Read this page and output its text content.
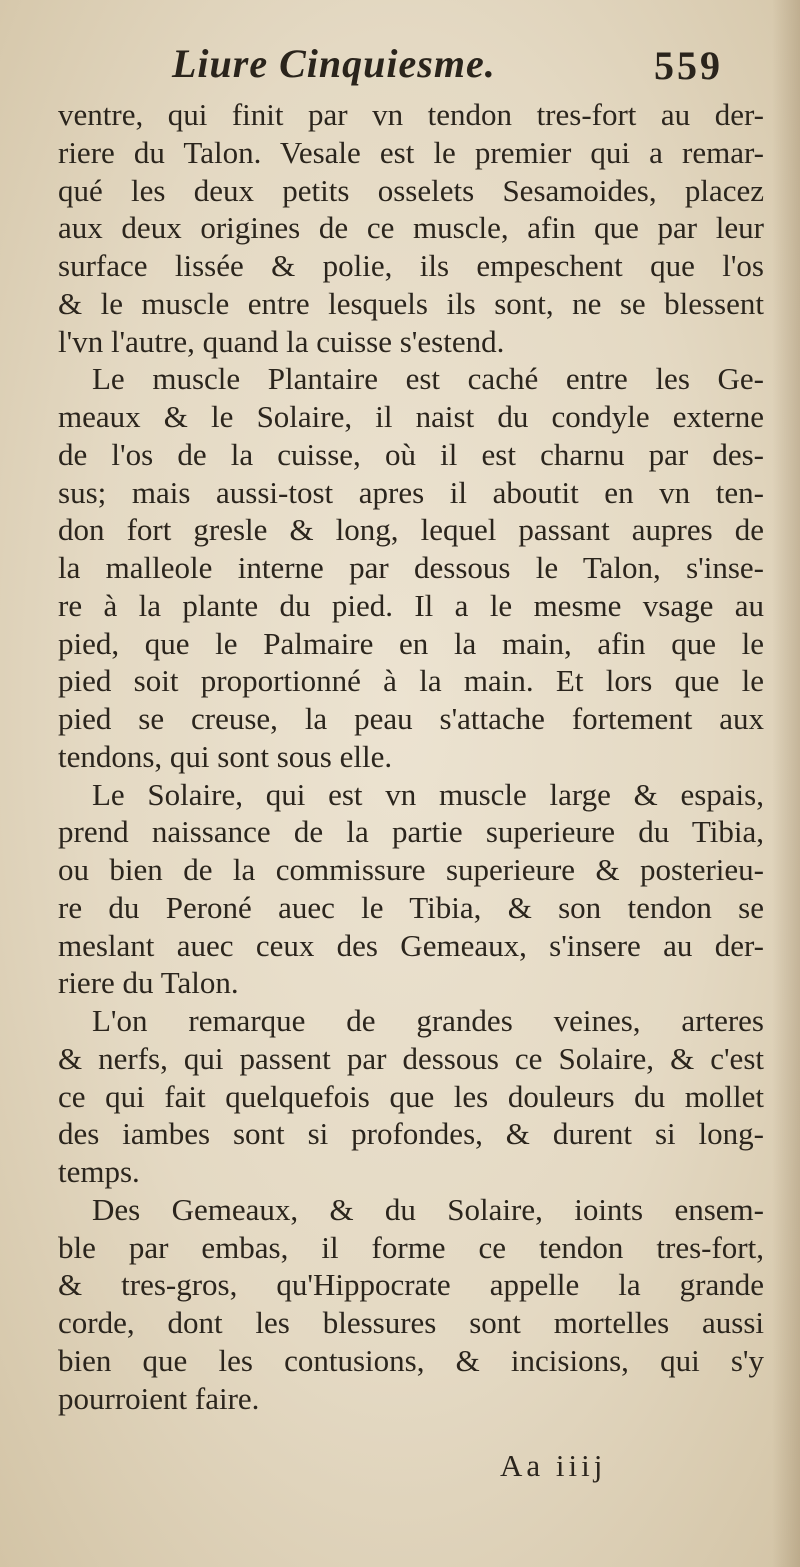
Liure Cinquiesme.	559
ventre, qui finit par vn tendon tres-fort au der-
riere du Talon. Vesale est le premier qui a remar-
qué les deux petits osselets Sesamoides, placez
aux deux origines de ce muscle, afin que par leur
surface lissée & polie, ils empeschent que l'os
& le muscle entre lesquels ils sont, ne se blessent
l'vn l'autre, quand la cuisse s'estend.
Le muscle Plantaire est caché entre les Ge-
meaux & le Solaire, il naist du condyle externe
de l'os de la cuisse, où il est charnu par des-
sus; mais aussi-tost apres il aboutit en vn ten-
don fort gresle & long, lequel passant aupres de
la malleole interne par dessous le Talon, s'inse-
re à la plante du pied. Il a le mesme vsage au
pied, que le Palmaire en la main, afin que le
pied soit proportionné à la main. Et lors que le
pied se creuse, la peau s'attache fortement aux
tendons, qui sont sous elle.
Le Solaire, qui est vn muscle large & espais,
prend naissance de la partie superieure du Tibia,
ou bien de la commissure superieure & posterieu-
re du Peroné auec le Tibia, & son tendon se
meslant auec ceux des Gemeaux, s'insere au der-
riere du Talon.
L'on remarque de grandes veines, arteres
& nerfs, qui passent par dessous ce Solaire, & c'est
ce qui fait quelquefois que les douleurs du mollet
des iambes sont si profondes, & durent si long-
temps.
Des Gemeaux, & du Solaire, ioints ensem-
ble par embas, il forme ce tendon tres-fort,
& tres-gros, qu'Hippocrate appelle la grande
corde, dont les blessures sont mortelles aussi
bien que les contusions, & incisions, qui s'y
pourroient faire.
Aa iiij
